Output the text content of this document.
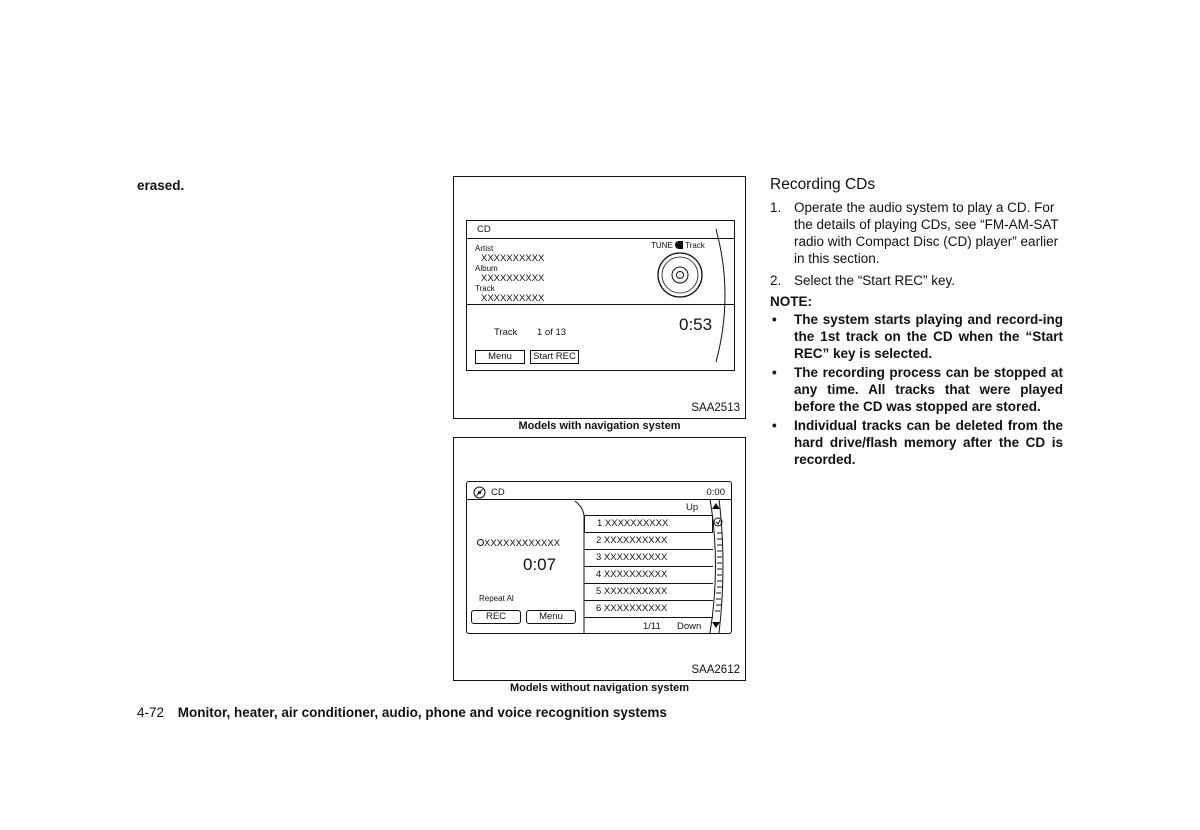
erased.
CD
Artist
XXXXXXXXXX
Album
XXXXXXXXXX
Track
XXXXXXXXXX
TUNE Track
Track 1 of 13	0:53
Menu	Start REC
SAA2513
Models with navigation system
CD	0:00
XXXXXXXXXXXX
0:07
Repeat Al
REC	Menu
Up
1 XXXXXXXXXX
2 XXXXXXXXXX
3 XXXXXXXXXX
4 XXXXXXXXXX
5 XXXXXXXXXX
6 XXXXXXXXXX
1/11 Down
SAA2612
Models without navigation system
Recording CDs
1. Operate the audio system to play a CD. For the details of playing CDs, see “FM-AM-SAT radio with Compact Disc (CD) player” earlier in this section.
2. Select the “Start REC” key.
NOTE:
•	The system starts playing and record-ing the 1st track on the CD when the “Start REC” key is selected.
•	The recording process can be stopped at any time. All tracks that were played before the CD was stopped are stored.
•	Individual tracks can be deleted from the hard drive/flash memory after the CD is recorded.
4-72 Monitor, heater, air conditioner, audio, phone and voice recognition systems
